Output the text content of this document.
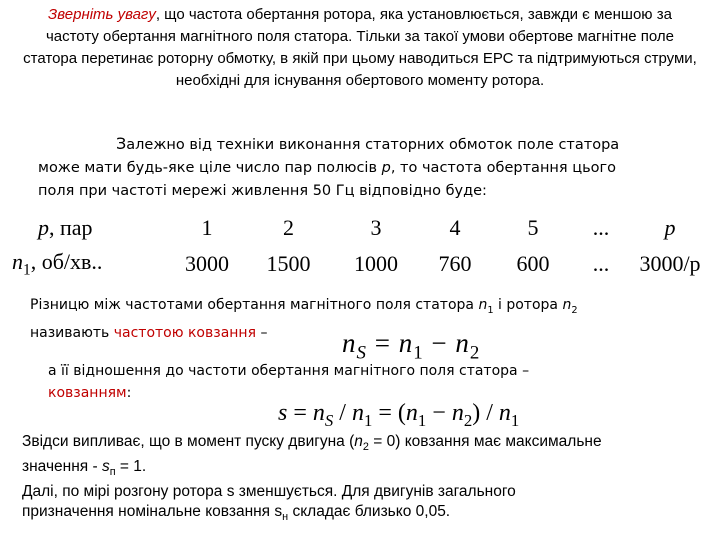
Зверніть увагу, що частота обертання ротора, яка установлюється, завжди є меншою за частоту обертання магнітного поля статора. Тільки за такої умови обертове магнітне поле статора перетинає роторну обмотку, в якій при цьому наводиться ЕРС та підтримуються струми, необхідні для існування обертового моменту ротора.
Залежно від техніки виконання статорних обмоток поле статора
може мати будь-яке ціле число пар полюсів p, то частота обертання цього
поля при частоті мережі живлення 50 Гц відповідно буде:
p, пар	1	2	3	4	5	...	p
$n_1$, об/хв..	3000	1500	1000	760	600	...	3000/p
Різницю між частотами обертання магнітного поля статора $n_1$ і ротора $n_2$
називають частотою ковзання –	$n_S = n_1 - n_2$
а її відношення до частоти обертання магнітного поля статора –
ковзанням:
$s = n_S / n_1 = (n_1 - n_2) / n_1$
Звідси випливає, що в момент пуску двигуна $(n_2 = 0)$ ковзання має максимальне
значення - $s_п = 1$.
Далі, по мірі розгону ротора s зменшується. Для двигунів загального
призначення номінальне ковзання $s_н$ складає близько 0,05.
